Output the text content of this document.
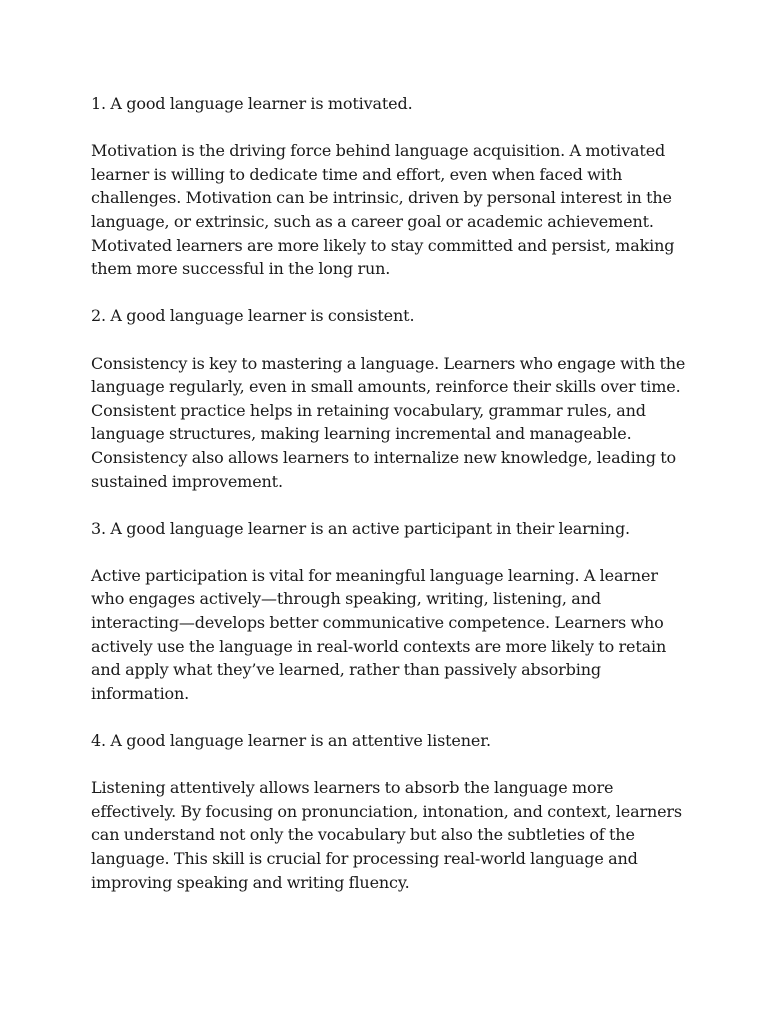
1. A good language learner is motivated.

Motivation is the driving force behind language acquisition. A motivated learner is willing to dedicate time and effort, even when faced with challenges. Motivation can be intrinsic, driven by personal interest in the language, or extrinsic, such as a career goal or academic achievement. Motivated learners are more likely to stay committed and persist, making them more successful in the long run.

2. A good language learner is consistent.

Consistency is key to mastering a language. Learners who engage with the language regularly, even in small amounts, reinforce their skills over time. Consistent practice helps in retaining vocabulary, grammar rules, and language structures, making learning incremental and manageable. Consistency also allows learners to internalize new knowledge, leading to sustained improvement.

3. A good language learner is an active participant in their learning.

Active participation is vital for meaningful language learning. A learner who engages actively—through speaking, writing, listening, and interacting—develops better communicative competence. Learners who actively use the language in real-world contexts are more likely to retain and apply what they’ve learned, rather than passively absorbing information.

4. A good language learner is an attentive listener.

Listening attentively allows learners to absorb the language more effectively. By focusing on pronunciation, intonation, and context, learners can understand not only the vocabulary but also the subtleties of the language. This skill is crucial for processing real-world language and improving speaking and writing fluency.
